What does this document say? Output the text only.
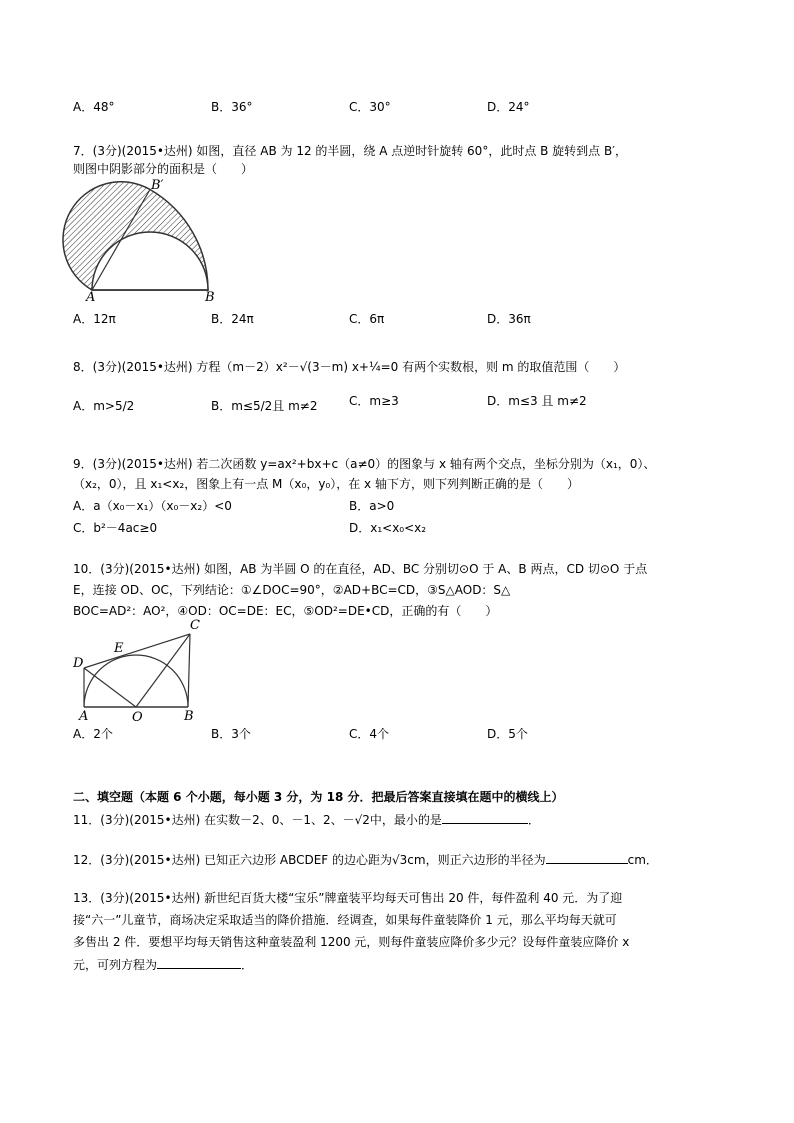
A．48°	B．36°	C．30°	D．24°
7．(3分)(2015•达州) 如图，直径 AB 为 12 的半圆，绕 A 点逆时针旋转 60°，此时点 B 旋转到点 B′，
则图中阴影部分的面积是（　　）
A	B
B′
A．12π	B．24π	C．6π	D．36π
8．(3分)(2015•达州) 方程（m－2）x²－√(3－m) x+¼=0 有两个实数根，则 m 的取值范围（　　）
A．m>5/2	B．m≤5/2且 m≠2	C．m≥3	D．m≤3 且 m≠2
9．(3分)(2015•达州) 若二次函数 y=ax²+bx+c（a≠0）的图象与 x 轴有两个交点，坐标分别为（x₁，0）、
（x₂，0），且 x₁<x₂，图象上有一点 M（x₀，y₀），在 x 轴下方，则下列判断正确的是（　　）
A．a（x₀－x₁）（x₀－x₂）<0	B．a>0
C．b²－4ac≥0	D．x₁<x₀<x₂
10．(3分)(2015•达州) 如图，AB 为半圆 O 的在直径，AD、BC 分别切⊙O 于 A、B 两点，CD 切⊙O 于点
E，连接 OD、OC，下列结论：①∠DOC=90°，②AD+BC=CD，③S△AOD：S△
BOC=AD²：AO²，④OD：OC=DE：EC，⑤OD²=DE•CD，正确的有（　　）
A	O	B
C
D
E
A．2个	B．3个	C．4个	D．5个
二、填空题（本题 6 个小题，每小题 3 分，为 18 分．把最后答案直接填在题中的横线上）
11．(3分)(2015•达州) 在实数－2、0、－1、2、－√2中，最小的是	．
12．(3分)(2015•达州) 已知正六边形 ABCDEF 的边心距为√3cm，则正六边形的半径为	cm．
13．(3分)(2015•达州) 新世纪百货大楼“宝乐”牌童装平均每天可售出 20 件，每件盈利 40 元．为了迎
接“六一”儿童节，商场决定采取适当的降价措施．经调查，如果每件童装降价 1 元，那么平均每天就可
多售出 2 件．要想平均每天销售这种童装盈利 1200 元，则每件童装应降价多少元？设每件童装应降价 x
元，可列方程为	．
